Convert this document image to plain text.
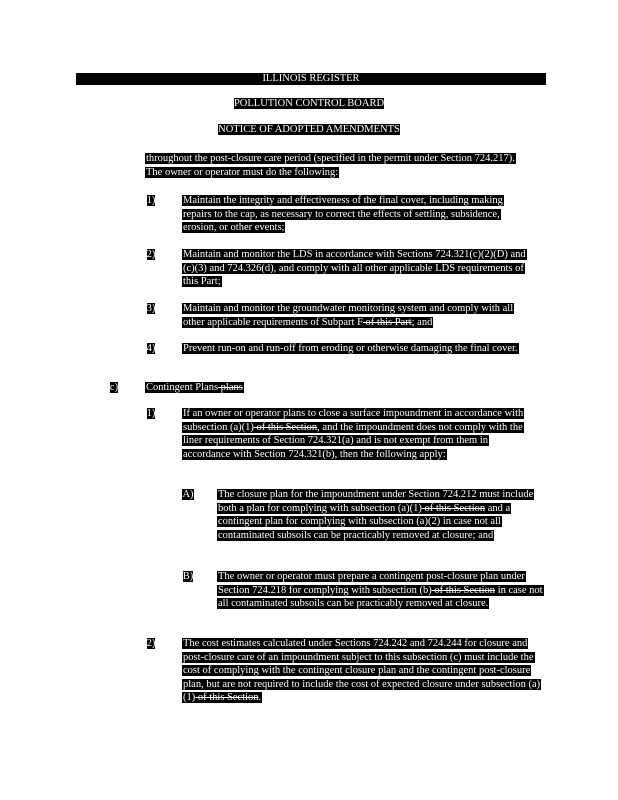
ILLINOIS REGISTER
POLLUTION CONTROL BOARD
NOTICE OF ADOPTED AMENDMENTS
throughout the post-closure care period (specified in the permit under Section 724.217). The owner or operator must do the following:
1)	Maintain the integrity and effectiveness of the final cover, including making repairs to the cap, as necessary to correct the effects of settling, subsidence, erosion, or other events;
2)	Maintain and monitor the LDS in accordance with Sections 724.321(c)(2)(D) and (c)(3) and 724.326(d), and comply with all other applicable LDS requirements of this Part;
3)	Maintain and monitor the groundwater monitoring system and comply with all other applicable requirements of Subpart F of this Part; and
4)	Prevent run-on and run-off from eroding or otherwise damaging the final cover.
c)	Contingent Plans plans
1)	If an owner or operator plans to close a surface impoundment in accordance with subsection (a)(1) of this Section, and the impoundment does not comply with the liner requirements of Section 724.321(a) and is not exempt from them in accordance with Section 724.321(b), then the following apply:
A) The closure plan for the impoundment under Section 724.212 must include both a plan for complying with subsection (a)(1) of this Section and a contingent plan for complying with subsection (a)(2) in case not all contaminated subsoils can be practicably removed at closure; and
B) The owner or operator must prepare a contingent post-closure plan under Section 724.218 for complying with subsection (b) of this Section in case not all contaminated subsoils can be practicably removed at closure.
2)	The cost estimates calculated under Sections 724.242 and 724.244 for closure and post-closure care of an impoundment subject to this subsection (c) must include the cost of complying with the contingent closure plan and the contingent post-closure plan, but are not required to include the cost of expected closure under subsection (a)(1) of this Section.
